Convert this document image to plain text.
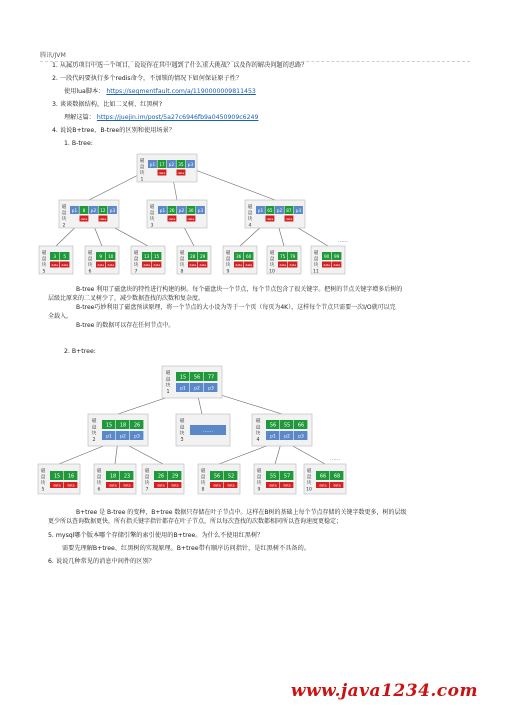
腾讯/JVM
1. 从属历项目中选一个项目，说说你在其中遇到了什么重大挑战？以及你的解决问题的思路？
2. 一段代码要执行多个redis命令，不加锁的情况下如何保证原子性？
使用lua脚本： https://segmentfault.com/a/1190000009811453
3. 谈谈数据结构，比如二叉树、红黑树?
理解这篇： https://juejin.im/post/5a27c6946fb9a0450909c6249
4. 说说B+tree、B-tree的区别和使用场景？
1. B-tree:
磁
盘
块
1
p1 17 p2 35 p3
data	data
磁
盘
块
2
p1 8 p2 12 p3
data	data
磁
盘
块
3
p1 26 p2 30 p3
data	data
磁
盘
块
4
p1 65 p2 87 p3
data	data
磁
盘
块
5
3
data
5
data
磁
盘
块
6
9
data
10
data
磁
盘
块
7
13
data
15
data
磁
盘
块
8
28
data
29
data
磁
盘
块
9
36
data
60
data
磁
盘
块
10
75
data
79
data
磁
盘
块
11
90
data
99
data
……
B-tree 利用了磁盘块的特性进行构建的树。每个磁盘块一个节点，每个节点包含了很关键字。把树的节点关键字增多后树的
层级比原来的二叉树少了，减少数据查找的次数和复杂度。
B-tree巧妙利用了磁盘预读原理，将一个节点的大小设为等于一个页（每页为4K），这样每个节点只需要一次I/O就可以完
全载入。
B-tree 的数据可以存在任何节点中。
2. B+tree:
磁
盘
块
1
15 56 77
p1 p2 p3
磁
盘
块
2
15 18 26
p1 p2 p3
磁
盘
块
3
……
磁
盘
块
4
56 55 66
p1 p2 p3
磁
盘
块
5
15
data
16
data
磁
盘
块
6
18
data
23
data
磁
盘
块
7
26
data
29
data
磁
盘
块
8
56
data
52
data
磁
盘
块
9
55
data
57
data
磁
盘
块
10
66
data
68
data
……
B+tree 是 B-tree 的变种，B+tree 数据只存储在叶子节点中。这样在B树的基础上每个节点存储的关键字数更多，树的层级
更少所以查询数据更快，所有指关键字指针都存在叶子节点，所以每次查找的次数都相同所以查询速度更稳定；
5. mysql哪个版本哪个存储引擎的索引使用的B+tree。为什么不使用红黑树？
需要先理解B+tree、红黑树的实现原理。B+tree带有顺序访问指针，是红黑树不具备的。
6. 说说几种常见的消息中间件的区别？
www.java1234.com
